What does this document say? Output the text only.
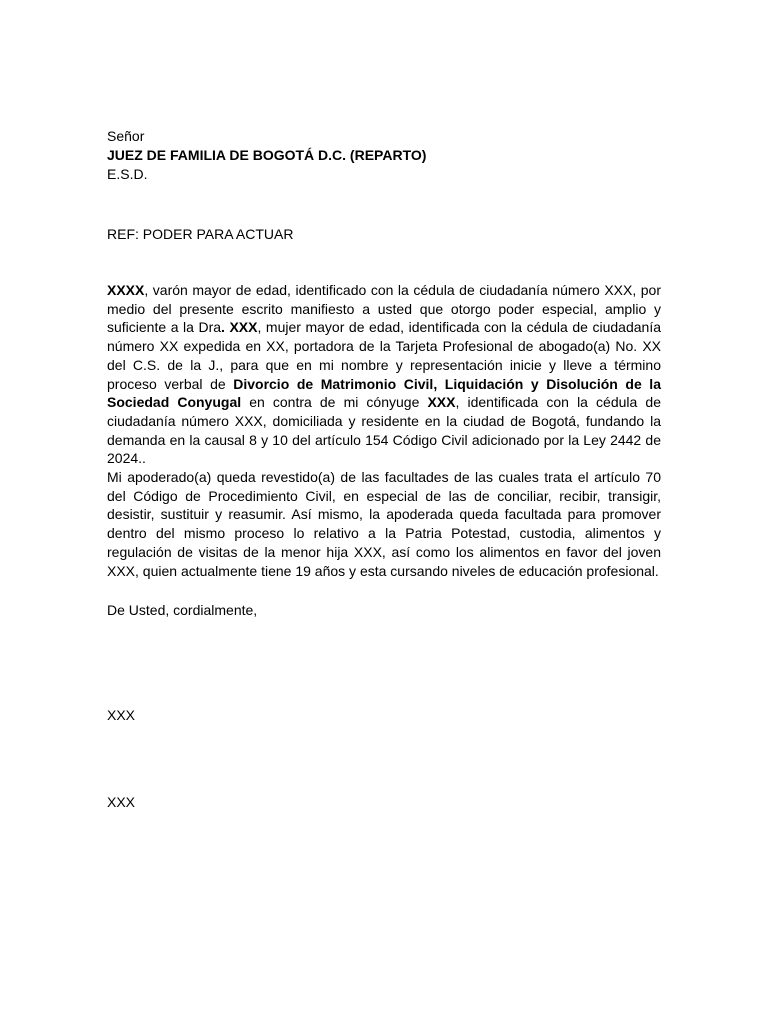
Señor
JUEZ DE FAMILIA DE BOGOTÁ D.C. (REPARTO)
E.S.D.
REF: PODER PARA ACTUAR
XXXX, varón mayor de edad, identificado con la cédula de ciudadanía número XXX, por medio del presente escrito manifiesto a usted que otorgo poder especial, amplio y suficiente a la Dra. XXX, mujer mayor de edad, identificada con la cédula de ciudadanía número XX expedida en XX, portadora de la Tarjeta Profesional de abogado(a) No. XX del C.S. de la J., para que en mi nombre y representación inicie y lleve a término proceso verbal de Divorcio de Matrimonio Civil, Liquidación y Disolución de la Sociedad Conyugal en contra de mi cónyuge XXX, identificada con la cédula de ciudadanía número XXX, domiciliada y residente en la ciudad de Bogotá, fundando la demanda en la causal 8 y 10 del artículo 154 Código Civil adicionado por la Ley 2442 de 2024..
Mi apoderado(a) queda revestido(a) de las facultades de las cuales trata el artículo 70 del Código de Procedimiento Civil, en especial de las de conciliar, recibir, transigir, desistir, sustituir y reasumir. Así mismo, la apoderada queda facultada para promover dentro del mismo proceso lo relativo a la Patria Potestad, custodia, alimentos y regulación de visitas de la menor hija XXX, así como los alimentos en favor del joven XXX, quien actualmente tiene 19 años y esta cursando niveles de educación profesional.
De Usted, cordialmente,
XXX
XXX
